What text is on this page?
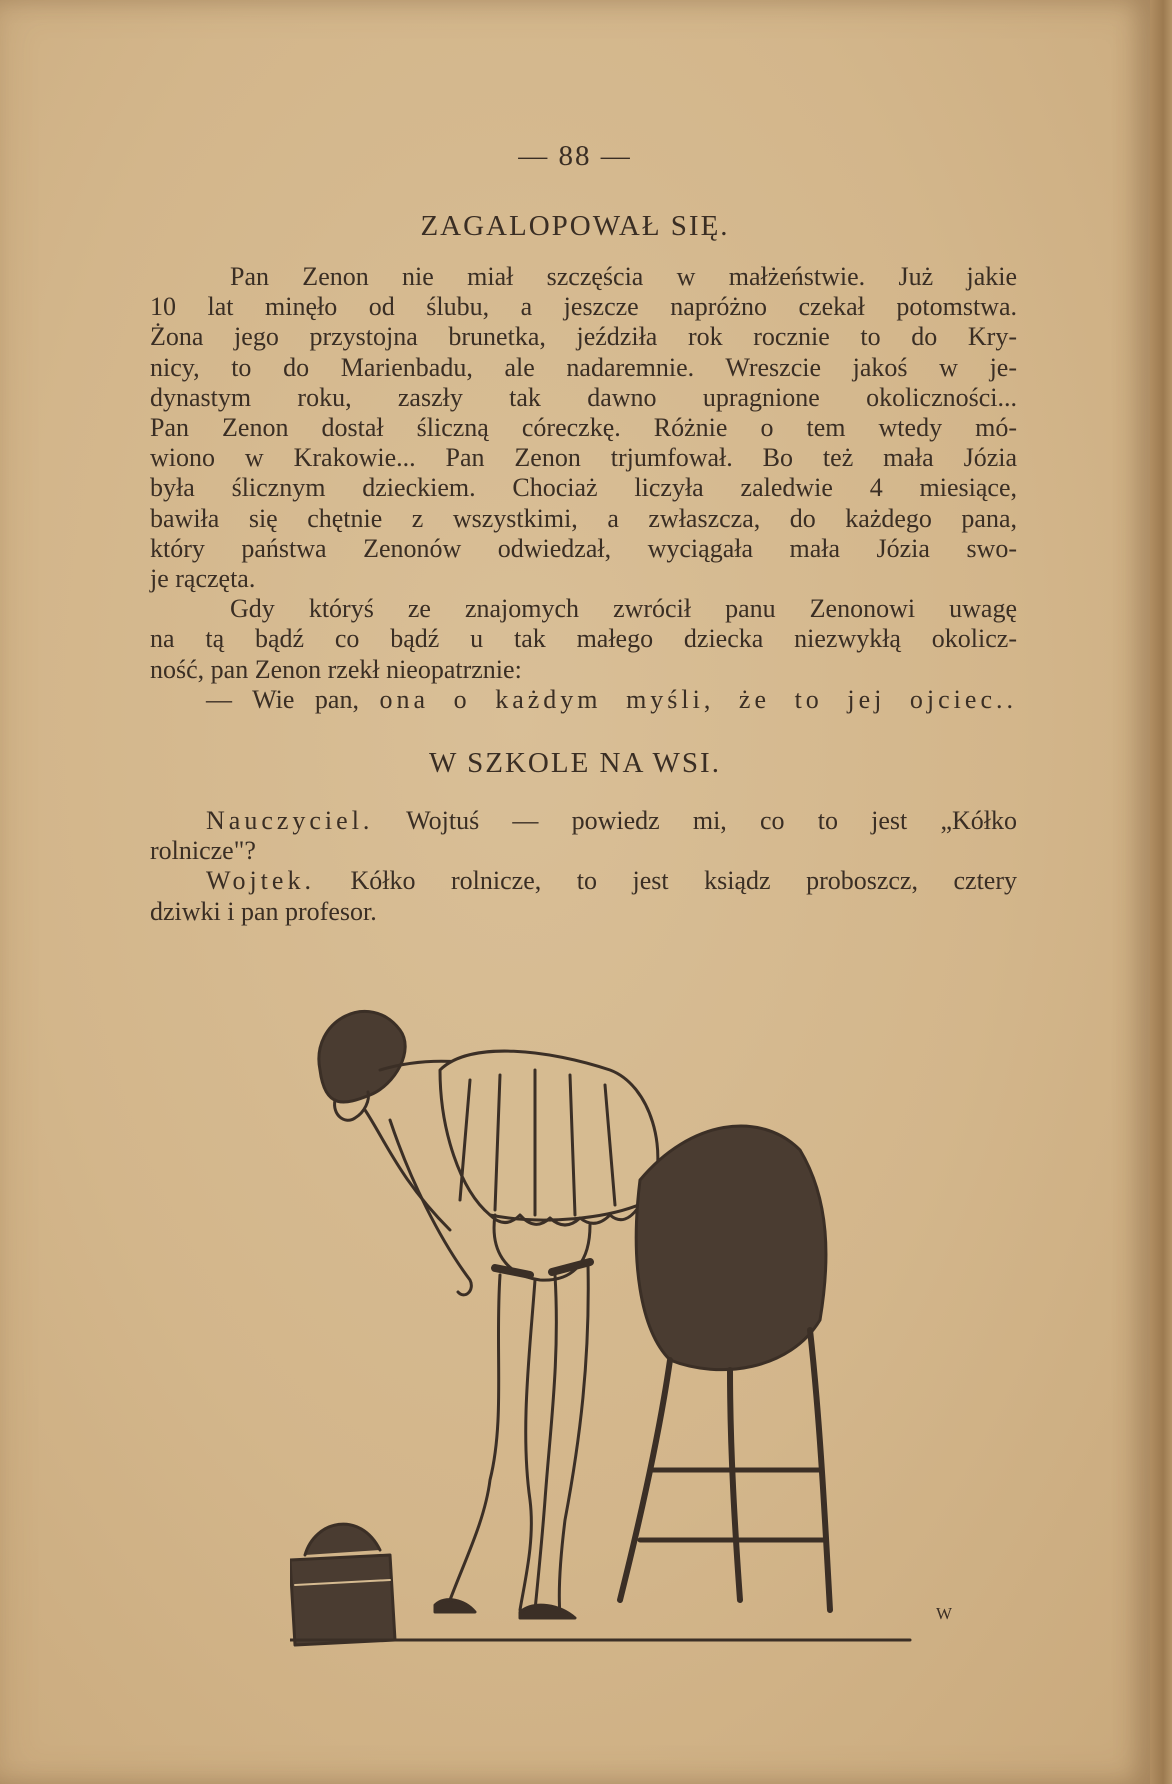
— 88 —
ZAGALOPOWAŁ SIĘ.
Pan Zenon nie miał szczęścia w małżeństwie. Już jakie
10 lat minęło od ślubu, a jeszcze napróżno czekał potomstwa.
Żona jego przystojna brunetka, jeździła rok rocznie to do Kry-
nicy, to do Marienbadu, ale nadaremnie. Wreszcie jakoś w je-
dynastym roku, zaszły tak dawno upragnione okoliczności...
Pan Zenon dostał śliczną córeczkę. Różnie o tem wtedy mó-
wiono w Krakowie... Pan Zenon trjumfował. Bo też mała Józia
była ślicznym dzieckiem. Chociaż liczyła zaledwie 4 miesiące,
bawiła się chętnie z wszystkimi, a zwłaszcza, do każdego pana,
który państwa Zenonów odwiedzał, wyciągała mała Józia swo-
je rączęta.
Gdy któryś ze znajomych zwrócił panu Zenonowi uwagę
na tą bądź co bądź u tak małego dziecka niezwykłą okolicz-
ność, pan Zenon rzekł nieopatrznie:
— Wie pan, ona o każdym myśli, że to jej ojciec..
W SZKOLE NA WSI.
Nauczyciel. Wojtuś — powiedz mi, co to jest „Kółko
rolnicze"?
Wojtek. Kółko rolnicze, to jest ksiądz proboszcz, cztery
dziwki i pan profesor.
W
